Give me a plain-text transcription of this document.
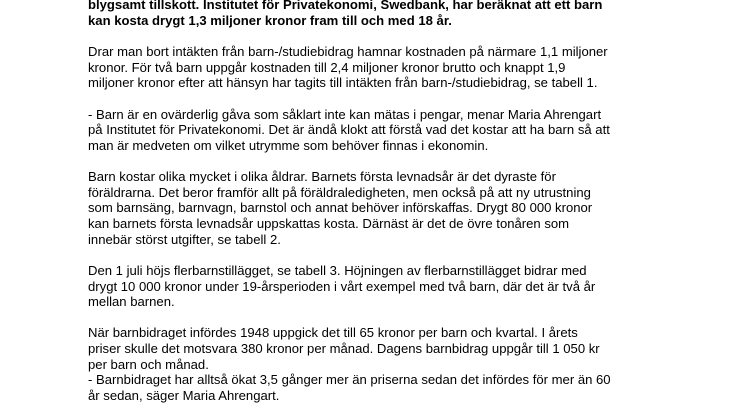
blygsamt tillskott. Institutet för Privatekonomi, Swedbank, har beräknat att ett barn
kan kosta drygt 1,3 miljoner kronor fram till och med 18 år.

Drar man bort intäkten från barn-/studiebidrag hamnar kostnaden på närmare 1,1 miljoner
kronor. För två barn uppgår kostnaden till 2,4 miljoner kronor brutto och knappt 1,9
miljoner kronor efter att hänsyn har tagits till intäkten från barn-/studiebidrag, se tabell 1.

- Barn är en ovärderlig gåva som såklart inte kan mätas i pengar, menar Maria Ahrengart
på Institutet för Privatekonomi. Det är ändå klokt att förstå vad det kostar att ha barn så att
man är medveten om vilket utrymme som behöver finnas i ekonomin.

Barn kostar olika mycket i olika åldrar. Barnets första levnadsår är det dyraste för
föräldrarna. Det beror framför allt på föräldraledigheten, men också på att ny utrustning
som barnsäng, barnvagn, barnstol och annat behöver införskaffas. Drygt 80 000 kronor
kan barnets första levnadsår uppskattas kosta. Därnäst är det de övre tonåren som
innebär störst utgifter, se tabell 2.

Den 1 juli höjs flerbarnstillägget, se tabell 3. Höjningen av flerbarnstillägget bidrar med
drygt 10 000 kronor under 19-årsperioden i vårt exempel med två barn, där det är två år
mellan barnen.

När barnbidraget infördes 1948 uppgick det till 65 kronor per barn och kvartal. I årets
priser skulle det motsvara 380 kronor per månad. Dagens barnbidrag uppgår till 1 050 kr
per barn och månad.

- Barnbidraget har alltså ökat 3,5 gånger mer än priserna sedan det infördes för mer än 60
år sedan, säger Maria Ahrengart.
